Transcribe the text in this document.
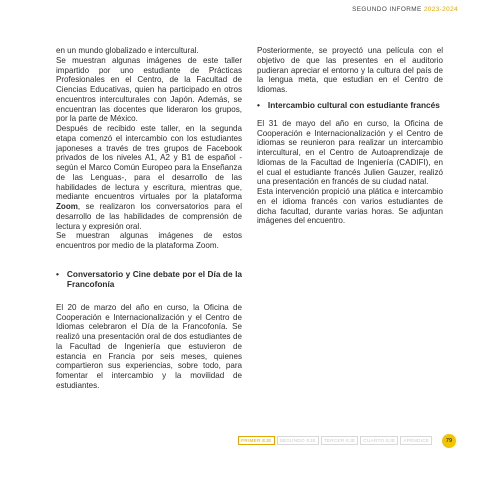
SEGUNDO INFORME 2023-2024

en un mundo globalizado e intercultural.

Se muestran algunas imágenes de este taller impartido por uno estudiante de Prácticas Profesionales en el Centro, de la Facultad de Ciencias Educativas, quien ha participado en otros encuentros interculturales con Japón. Además, se encuentran las docentes que lideraron los grupos, por la parte de México.

Después de recibido este taller, en la segunda etapa comenzó el intercambio con los estudiantes japoneses a través de tres grupos de Facebook privados de los niveles A1, A2 y B1 de español -según el Marco Común Europeo para la Enseñanza de las Lenguas-, para el desarrollo de las habilidades de lectura y escritura, mientras que, mediante encuentros virtuales por la plataforma Zoom, se realizaron los conversatorios para el desarrollo de las habilidades de comprensión de lectura y expresión oral.

Se muestran algunas imágenes de estos encuentros por medio de la plataforma Zoom.

• Conversatorio y Cine debate por el Día de la Francofonía

El 20 de marzo del año en curso, la Oficina de Cooperación e Internacionalización y el Centro de Idiomas celebraron el Día de la Francofonía. Se realizó una presentación oral de dos estudiantes de la Facultad de Ingeniería que estuvieron de estancia en Francia por seis meses, quienes compartieron sus experiencias, sobre todo, para fomentar el intercambio y la movilidad de estudiantes.

Posteriormente, se proyectó una película con el objetivo de que las presentes en el auditorio pudieran apreciar el entorno y la cultura del país de la lengua meta, que estudian en el Centro de Idiomas.

• Intercambio cultural con estudiante francés

El 31 de mayo del año en curso, la Oficina de Cooperación e Internacionalización y el Centro de idiomas se reunieron para realizar un intercambio intercultural, en el Centro de Autoaprendizaje de Idiomas de la Facultad de Ingeniería (CADIFI), en el cual el estudiante francés Julien Gauzer, realizó una presentación en francés de su ciudad natal.

Esta intervención propició una plática e intercambio en el idioma francés con varios estudiantes de dicha facultad, durante varias horas. Se adjuntan imágenes del encuentro.

PRIMER EJE	SEGUNDO EJE	TERCER EJE	CUARTO EJE	APÉNDICE	79
